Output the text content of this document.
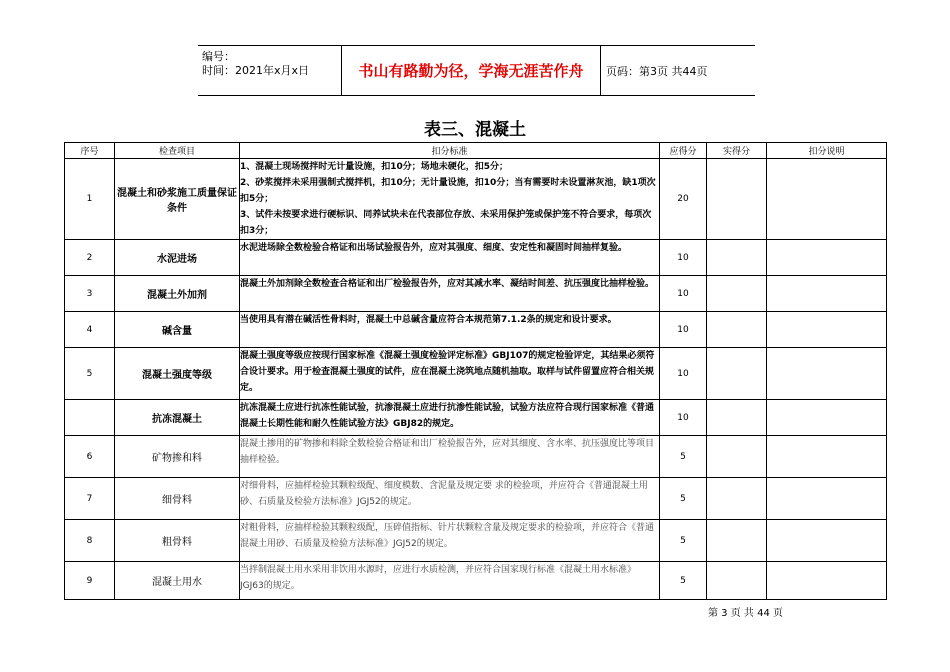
编号：
时间：2021年x月x日	书山有路勤为径，学海无涯苦作舟	页码：第3页 共44页
表三、混凝土
序号	检查项目	扣分标准	应得分	实得分	扣分说明
1	混凝土和砂浆施工质量保证条件	1、混凝土现场搅拌时无计量设施，扣10分；场地未硬化，扣5分；
2、砂浆搅拌未采用强制式搅拌机，扣10分；无计量设施，扣10分；当有需要时未设置淋灰池，缺1项次扣5分；
3、试件未按要求进行硬标识、同养试块未在代表部位存放、未采用保护笼或保护笼不符合要求，每项次扣3分；	20		
2	水泥进场	水泥进场除全数检验合格证和出场试验报告外，应对其强度、细度、安定性和凝固时间抽样复验。	10		
3	混凝土外加剂	混凝土外加剂除全数检查合格证和出厂检验报告外，应对其减水率、凝结时间差、抗压强度比抽样检验。	10		
4	碱含量	当使用具有潜在碱活性骨料时，混凝土中总碱含量应符合本规范第7.1.2条的规定和设计要求。	10		
5	混凝土强度等级	混凝土强度等级应按现行国家标准《混凝土强度检验评定标准》GBJ107的规定检验评定，其结果必须符合设计要求。用于检查混凝土强度的试件，应在混凝土浇筑地点随机抽取。取样与试件留置应符合相关规定。	10		
	抗冻混凝土	抗冻混凝土应进行抗冻性能试验，抗渗混凝土应进行抗渗性能试验，试验方法应符合现行国家标准《普通混凝土长期性能和耐久性能试验方法》GBJ82的规定。	10		
6	矿物掺和料	混凝土掺用的矿物掺和料除全数检验合格证和出厂检验报告外，应对其细度、含水率、抗压强度比等项目抽样检验。	5		
7	细骨料	对细骨料，应抽样检验其颗粒级配、细度模数、含泥量及规定要 求的检验项，并应符合《普通混凝土用砂、石质量及检验方法标准》JGJ52的规定。	5		
8	粗骨料	对粗骨料，应抽样检验其颗粒级配，压碎值指标、针片状颗粒含量及规定要求的检验项，并应符合《普通混凝土用砂、石质量及检验方法标准》JGJ52的规定。	5		
9	混凝土用水	当拌制混凝土用水采用非饮用水源时，应进行水质检测，并应符合国家现行标准《混凝土用水标准》JGJ63的规定。	5		
第 3 页 共 44 页
